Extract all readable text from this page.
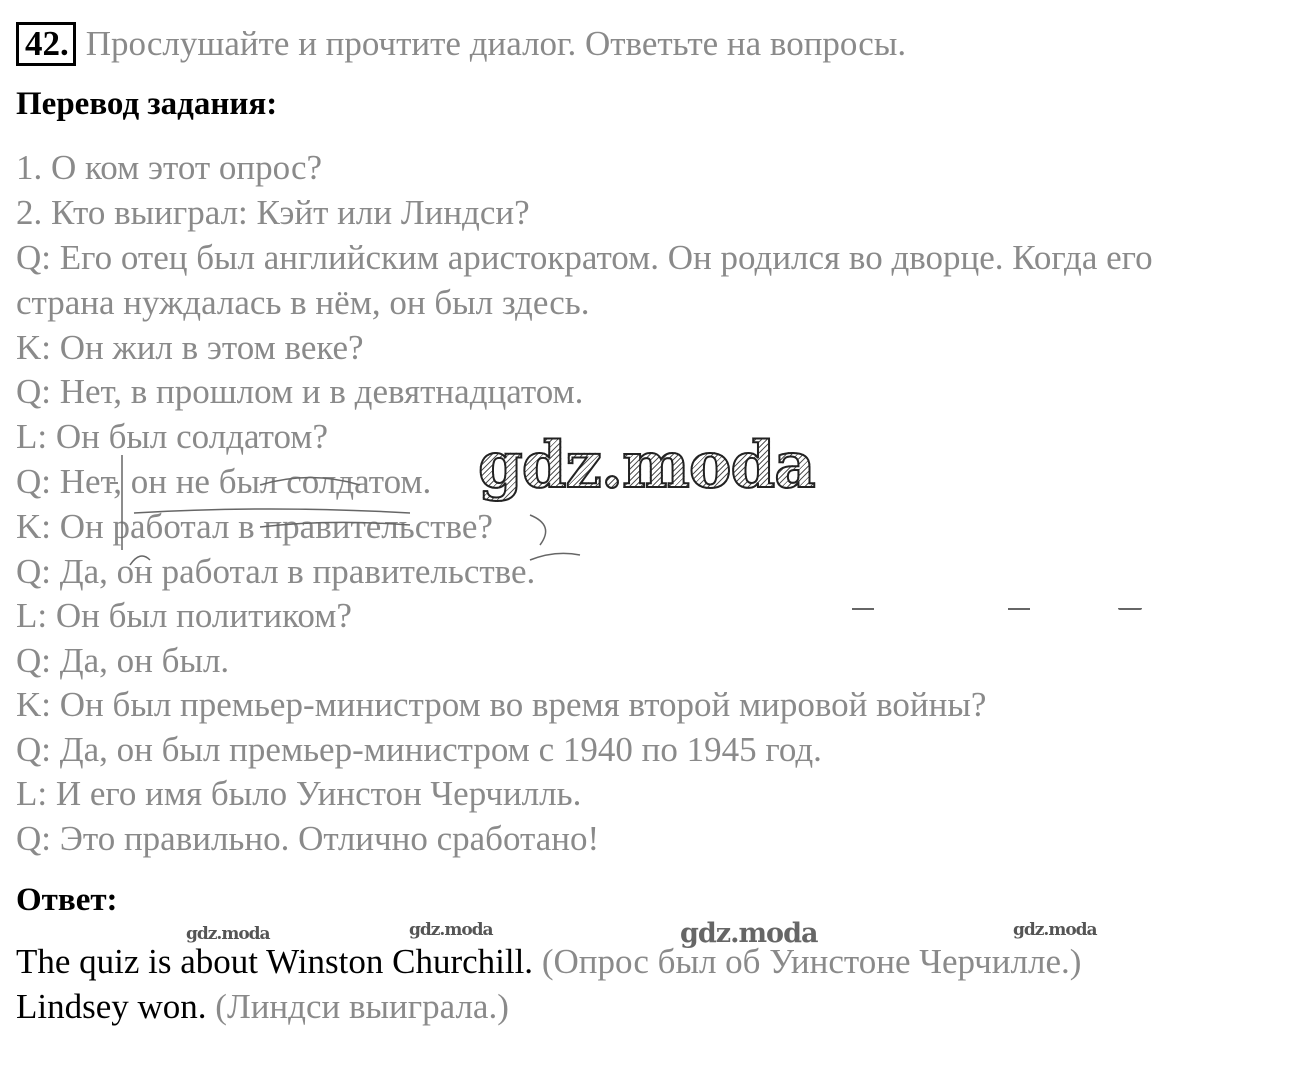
42. Прослушайте и прочтите диалог. Ответьте на вопросы.
Перевод задания:
1. О ком этот опрос?
2. Кто выиграл: Кэйт или Линдси?
Q: Его отец был английским аристократом. Он родился во дворце. Когда его
страна нуждалась в нём, он был здесь.
K: Он жил в этом веке?
Q: Нет, в прошлом и в девятнадцатом.
L: Он был солдатом?
Q: Нет, он не был солдатом.
K: Он работал в правительстве?
Q: Да, он работал в правительстве.
L: Он был политиком?
Q: Да, он был.
K: Он был премьер-министром во время второй мировой войны?
Q: Да, он был премьер-министром с 1940 по 1945 год.
L: И его имя было Уинстон Черчилль.
Q: Это правильно. Отлично сработано!
gdz.moda
Ответ:
gdz.moda	gdz.moda	gdz.moda	gdz.moda
The quiz is about Winston Churchill. (Опрос был об Уинстоне Черчилле.)
Lindsey won. (Линдси выиграла.)
